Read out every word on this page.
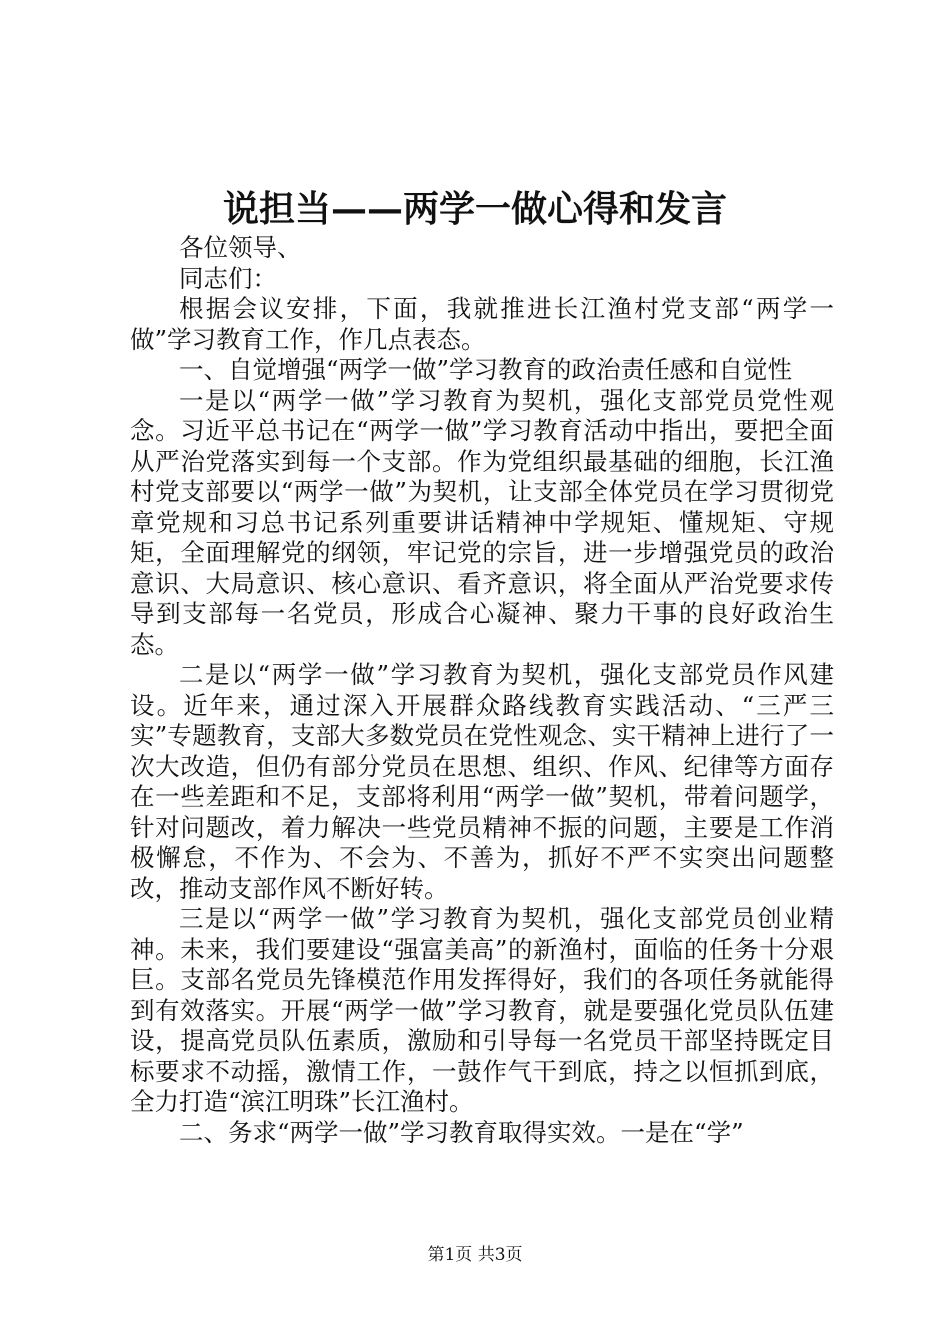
说担当——两学一做心得和发言

各位领导、

同志们：

根据会议安排，下面，我就推进长江渔村党支部“两学一做”学习教育工作，作几点表态。

一、自觉增强“两学一做”学习教育的政治责任感和自觉性

一是以“两学一做”学习教育为契机，强化支部党员党性观念。习近平总书记在“两学一做”学习教育活动中指出，要把全面从严治党落实到每一个支部。作为党组织最基础的细胞，长江渔村党支部要以“两学一做”为契机，让支部全体党员在学习贯彻党章党规和习总书记系列重要讲话精神中学规矩、懂规矩、守规矩，全面理解党的纲领，牢记党的宗旨，进一步增强党员的政治意识、大局意识、核心意识、看齐意识，将全面从严治党要求传导到支部每一名党员，形成合心凝神、聚力干事的良好政治生态。

二是以“两学一做”学习教育为契机，强化支部党员作风建设。近年来，通过深入开展群众路线教育实践活动、“三严三实”专题教育，支部大多数党员在党性观念、实干精神上进行了一次大改造，但仍有部分党员在思想、组织、作风、纪律等方面存在一些差距和不足，支部将利用“两学一做”契机，带着问题学，针对问题改，着力解决一些党员精神不振的问题，主要是工作消极懈怠，不作为、不会为、不善为，抓好不严不实突出问题整改，推动支部作风不断好转。

三是以“两学一做”学习教育为契机，强化支部党员创业精神。未来，我们要建设“强富美高”的新渔村，面临的任务十分艰巨。支部名党员先锋模范作用发挥得好，我们的各项任务就能得到有效落实。开展“两学一做”学习教育，就是要强化党员队伍建设，提高党员队伍素质，激励和引导每一名党员干部坚持既定目标要求不动摇，激情工作，一鼓作气干到底，持之以恒抓到底，全力打造“滨江明珠”长江渔村。

二、务求“两学一做”学习教育取得实效。一是在“学”

第1页 共3页
